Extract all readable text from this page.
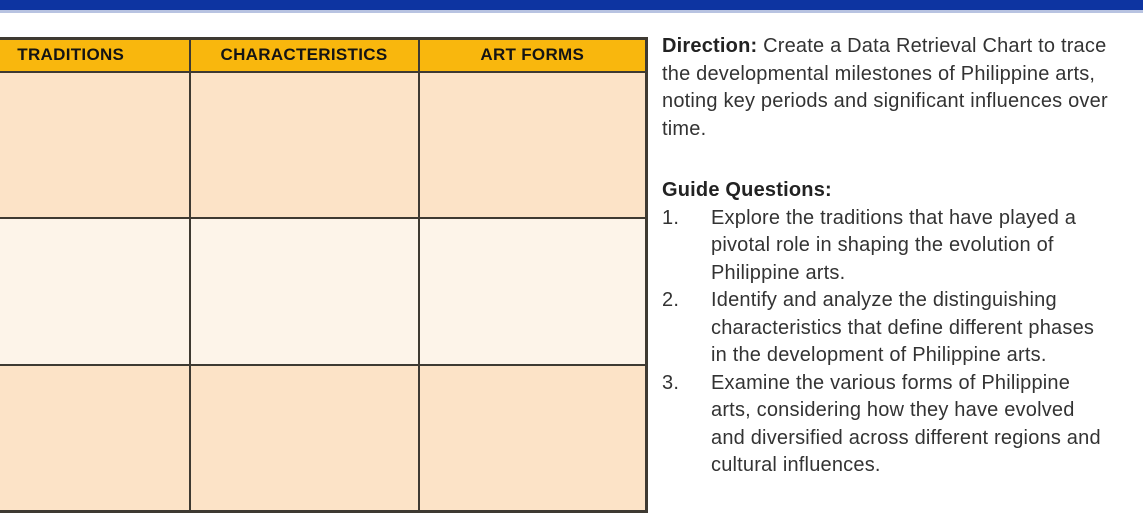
TRADITIONS	CHARACTERISTICS	ART FORMS

			Direction: Create a Data Retrieval Chart to trace the developmental milestones of Philippine arts, noting key periods and significant influences over time.

Guide Questions:
1.	Explore the traditions that have played a pivotal role in shaping the evolution of Philippine arts.
2.	Identify and analyze the distinguishing characteristics that define different phases in the development of Philippine arts.
3.	Examine the various forms of Philippine arts, considering how they have evolved and diversified across different regions and cultural influences.
